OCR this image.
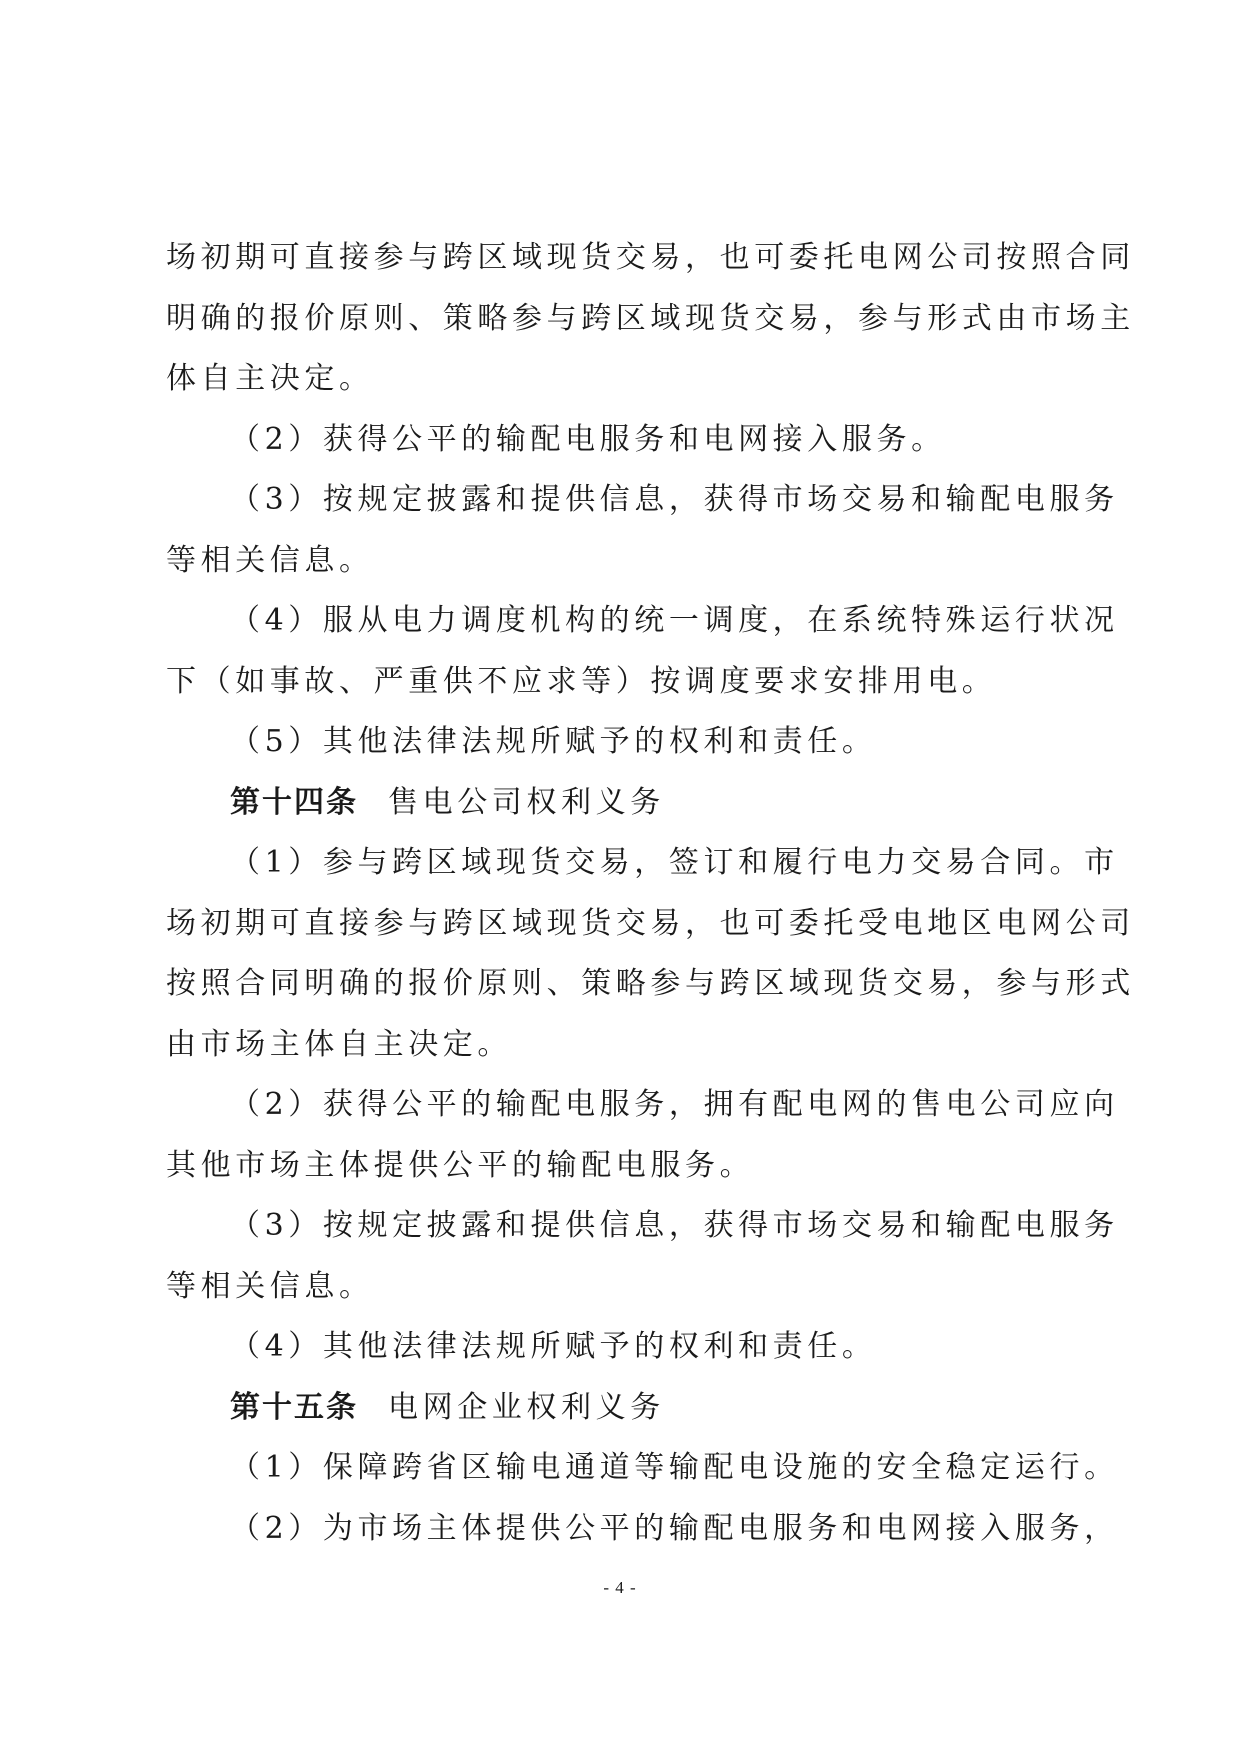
场初期可直接参与跨区域现货交易，也可委托电网公司按照合同
明确的报价原则、策略参与跨区域现货交易，参与形式由市场主
体自主决定。
（2）获得公平的输配电服务和电网接入服务。
（3）按规定披露和提供信息，获得市场交易和输配电服务
等相关信息。
（4）服从电力调度机构的统一调度，在系统特殊运行状况
下（如事故、严重供不应求等）按调度要求安排用电。
（5）其他法律法规所赋予的权利和责任。
第十四条 售电公司权利义务
（1）参与跨区域现货交易，签订和履行电力交易合同。市
场初期可直接参与跨区域现货交易，也可委托受电地区电网公司
按照合同明确的报价原则、策略参与跨区域现货交易，参与形式
由市场主体自主决定。
（2）获得公平的输配电服务，拥有配电网的售电公司应向
其他市场主体提供公平的输配电服务。
（3）按规定披露和提供信息，获得市场交易和输配电服务
等相关信息。
（4）其他法律法规所赋予的权利和责任。
第十五条 电网企业权利义务
（1）保障跨省区输电通道等输配电设施的安全稳定运行。
（2）为市场主体提供公平的输配电服务和电网接入服务，
- 4 -
